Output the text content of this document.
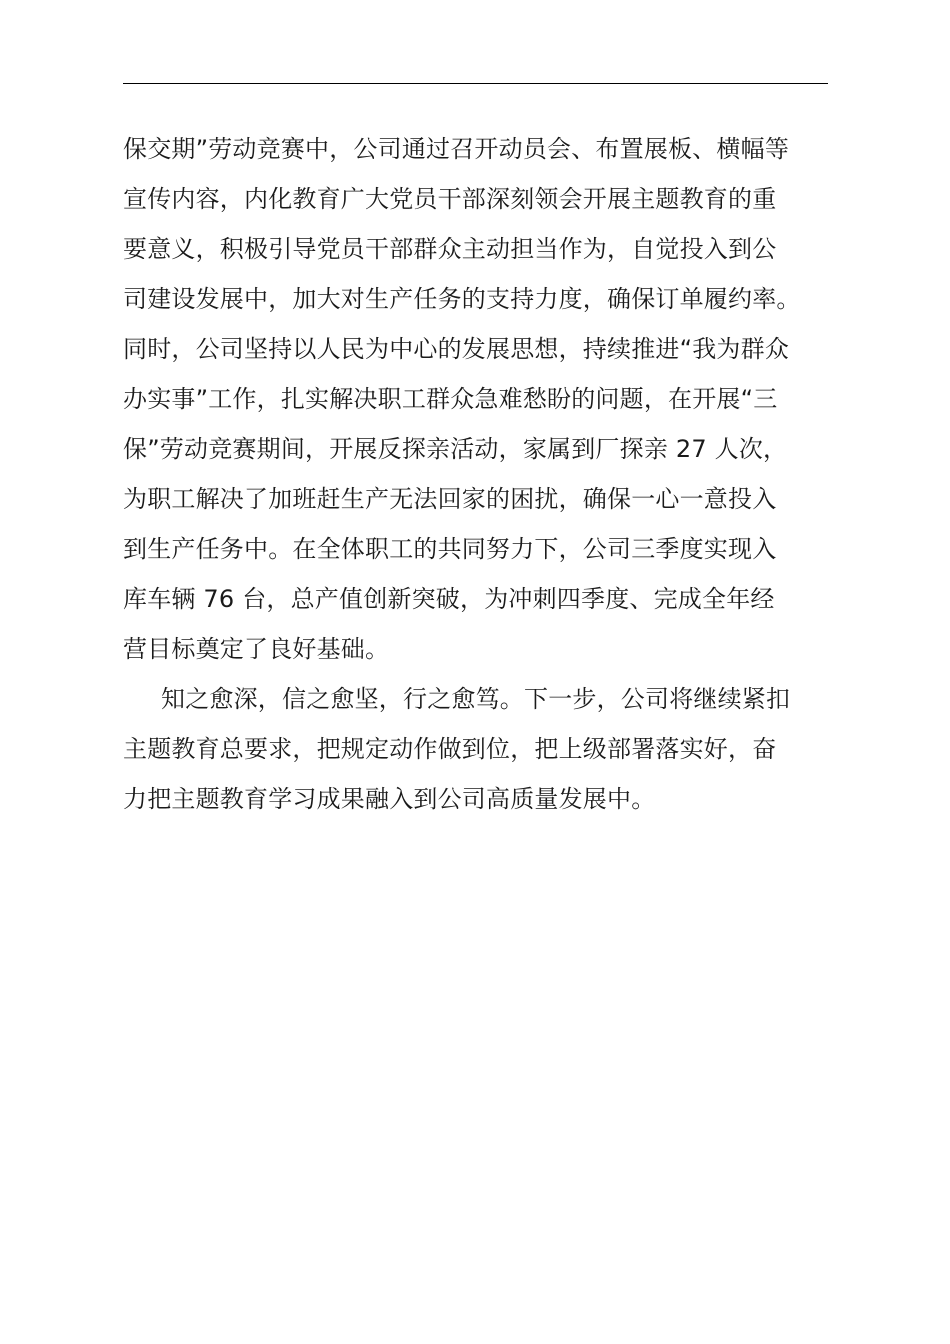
保交期”劳动竞赛中，公司通过召开动员会、布置展板、横幅等
宣传内容，内化教育广大党员干部深刻领会开展主题教育的重
要意义，积极引导党员干部群众主动担当作为，自觉投入到公
司建设发展中，加大对生产任务的支持力度，确保订单履约率。
同时，公司坚持以人民为中心的发展思想，持续推进“我为群众
办实事”工作，扎实解决职工群众急难愁盼的问题，在开展“三
保”劳动竞赛期间，开展反探亲活动，家属到厂探亲 27 人次，
为职工解决了加班赶生产无法回家的困扰，确保一心一意投入
到生产任务中。在全体职工的共同努力下，公司三季度实现入
库车辆 76 台，总产值创新突破，为冲刺四季度、完成全年经
营目标奠定了良好基础。
知之愈深，信之愈坚，行之愈笃。下一步，公司将继续紧扣
主题教育总要求，把规定动作做到位，把上级部署落实好，奋
力把主题教育学习成果融入到公司高质量发展中。
